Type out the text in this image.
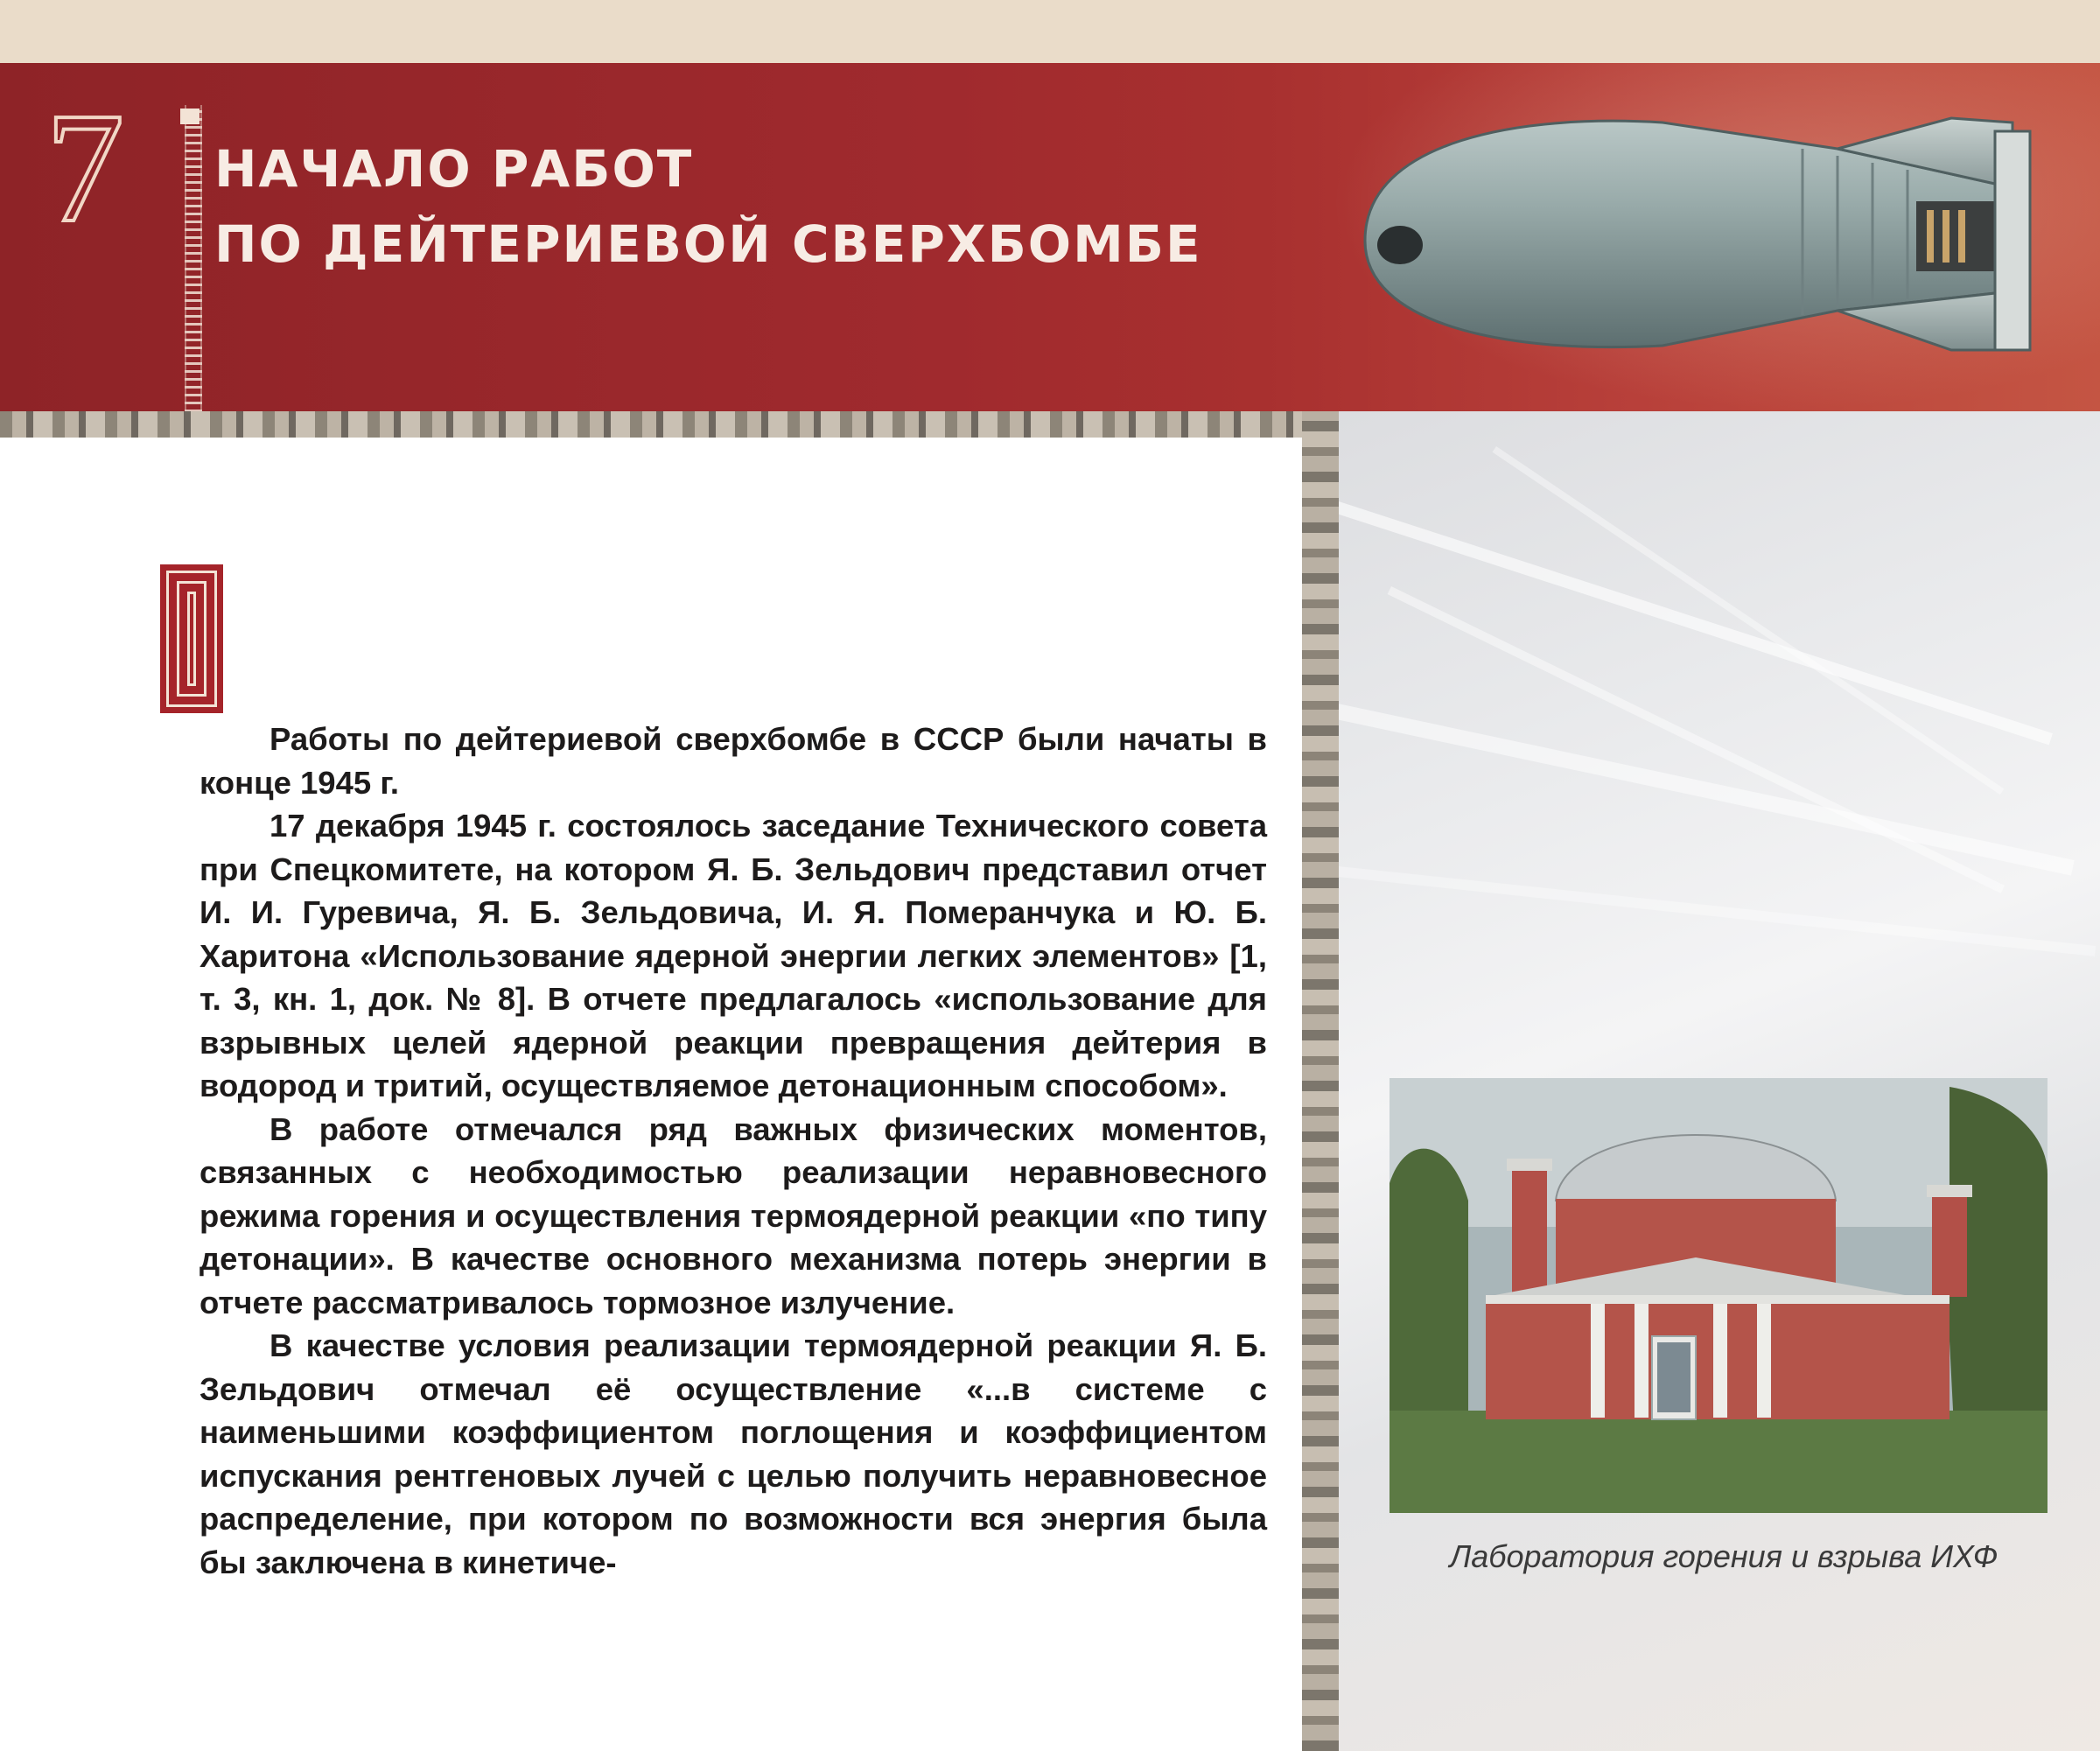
7	НАЧАЛО РАБОТ
ПО ДЕЙТЕРИЕВОЙ СВЕРХБОМБЕ

Работы по дейтериевой сверхбомбе в СССР были начаты в конце 1945 г.

17 декабря 1945 г. состоялось заседание Технического совета при Спецкомитете, на котором Я. Б. Зельдович представил отчет И. И. Гуревича, Я. Б. Зельдовича, И. Я. Померанчука и Ю. Б. Харитона «Использование ядерной энергии легких элементов» [1, т. 3, кн. 1, док. № 8]. В отчете предлагалось «использование для взрывных целей ядерной реакции превращения дейтерия в водород и тритий, осуществляемое детонационным способом».

В работе отмечался ряд важных физических моментов, связанных с необходимостью реализации неравновесного режима горения и осуществления термоядерной реакции «по типу детонации». В качестве основного механизма потерь энергии в отчете рассматривалось тормозное излучение.

В качестве условия реализации термоядерной реакции Я. Б. Зельдович отмечал её осуществление «...в системе с наименьшими коэффициентом поглощения и коэффициентом испускания рентгеновых лучей с целью получить неравновесное распределение, при котором по возможности вся энергия была бы заключена в кинетиче-	Лаборатория горения и взрыва ИХФ
